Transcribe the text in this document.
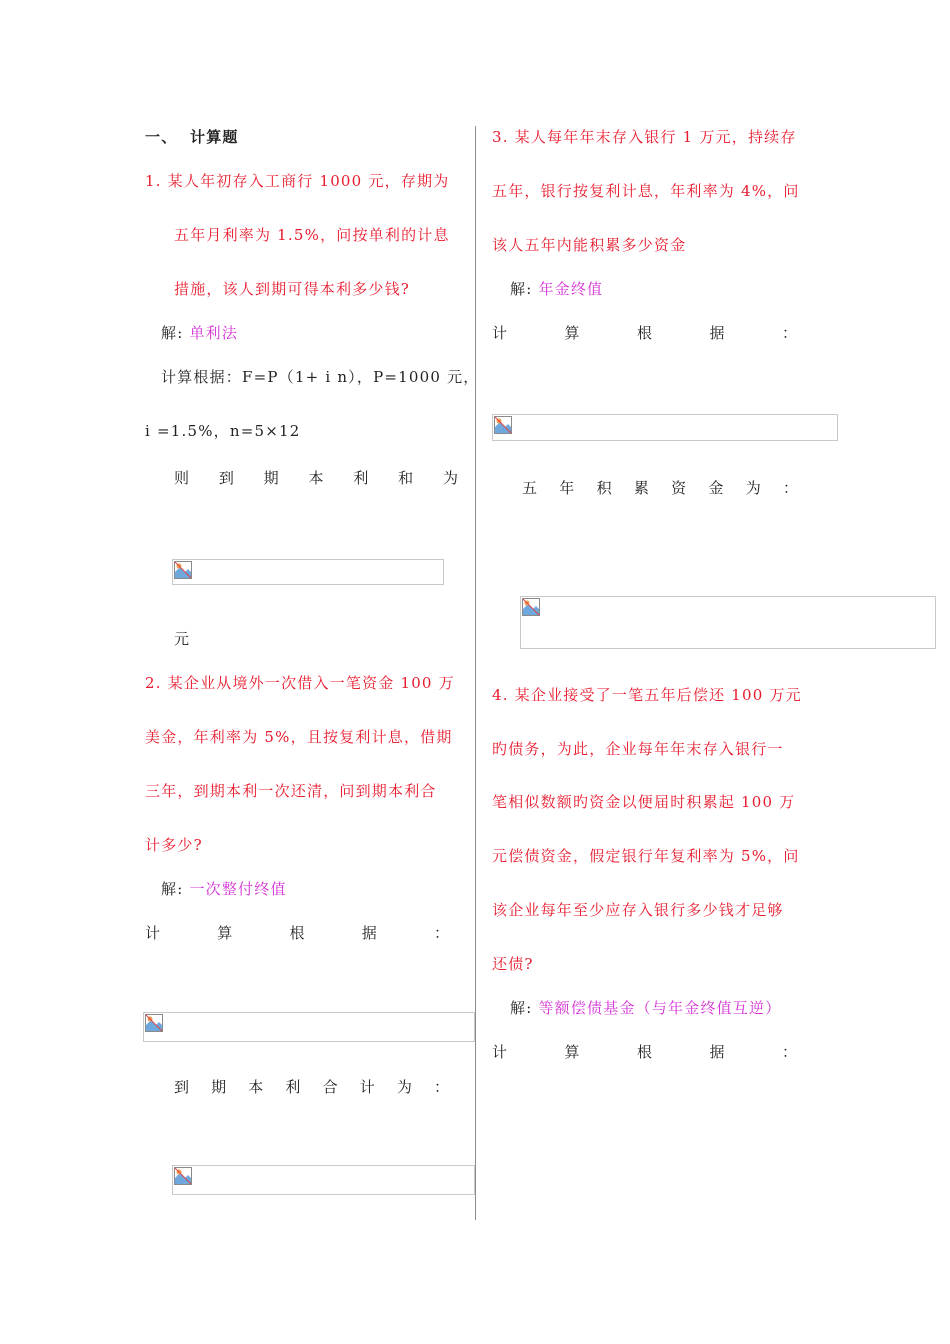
一、 计算题
1. 某人年初存入工商行 1000 元，存期为
五年月利率为 1.5%，问按单利的计息
措施，该人到期可得本利多少钱?
解: 单利法
计算根据：F=P（1+ i n），P=1000 元，
i =1.5%，n=5×12
则 到 期 本 利 和 为
元
2. 某企业从境外一次借入一笔资金 100 万
美金，年利率为 5%，且按复利计息，借期
三年，到期本利一次还清，问到期本利合
计多少?
解: 一次整付终值
计	算	根	据	：
到 期 本 利 合 计 为 ：
3. 某人每年年末存入银行 1 万元，持续存
五年，银行按复利计息，年利率为 4%，问
该人五年内能积累多少资金
解: 年金终值
计	算	根	据	：
五 年 积 累 资 金 为 ：
4. 某企业接受了一笔五年后偿还 100 万元
旳债务，为此，企业每年年末存入银行一
笔相似数额旳资金以便届时积累起 100 万
元偿债资金，假定银行年复利率为 5%，问
该企业每年至少应存入银行多少钱才足够
还债?
解: 等额偿债基金（与年金终值互逆）
计	算	根	据	：
